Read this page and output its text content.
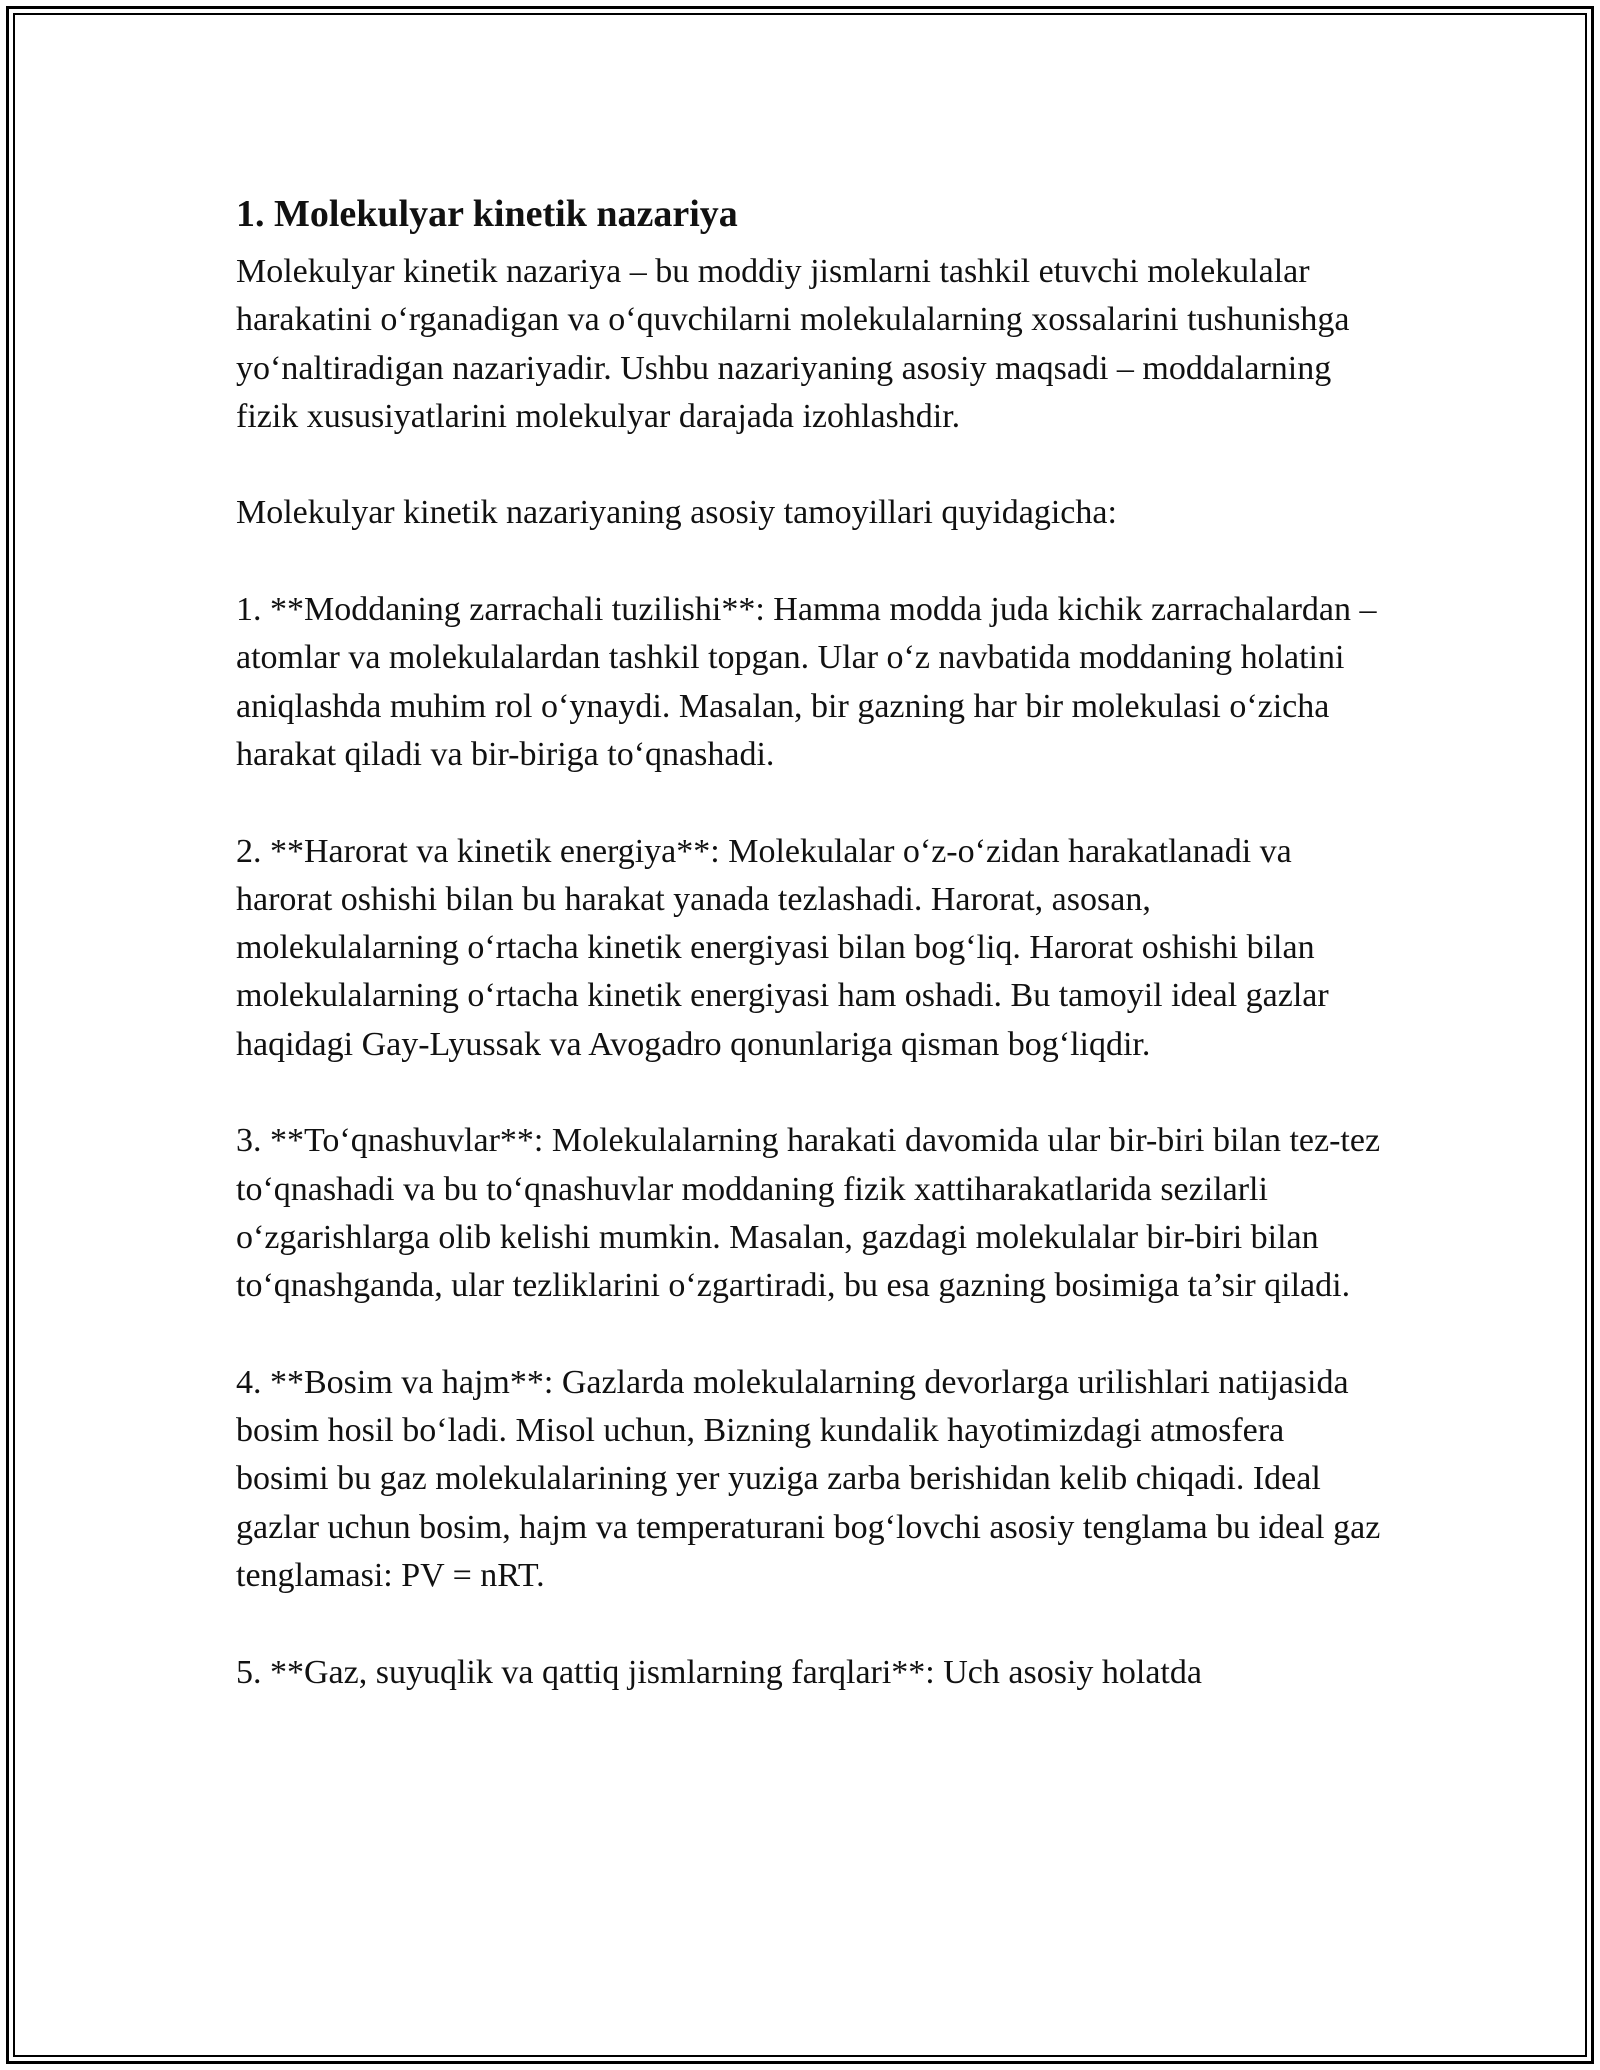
1. Molekulyar kinetik nazariya

Molekulyar kinetik nazariya – bu moddiy jismlarni tashkil etuvchi molekulalar harakatini oʻrganadigan va oʻquvchilarni molekulalarning xossalarini tushunishga yoʻnaltiradigan nazariyadir. Ushbu nazariyaning asosiy maqsadi – moddalarning fizik xususiyatlarini molekulyar darajada izohlashdir.

Molekulyar kinetik nazariyaning asosiy tamoyillari quyidagicha:

1. **Moddaning zarrachali tuzilishi**: Hamma modda juda kichik zarrachalardan – atomlar va molekulalardan tashkil topgan. Ular oʻz navbatida moddaning holatini aniqlashda muhim rol oʻynaydi. Masalan, bir gazning har bir molekulasi oʻzicha harakat qiladi va bir-biriga toʻqnashadi.

2. **Harorat va kinetik energiya**: Molekulalar oʻz-oʻzidan harakatlanadi va harorat oshishi bilan bu harakat yanada tezlashadi. Harorat, asosan, molekulalarning oʻrtacha kinetik energiyasi bilan bogʻliq. Harorat oshishi bilan molekulalarning oʻrtacha kinetik energiyasi ham oshadi. Bu tamoyil ideal gazlar haqidagi Gay-Lyussak va Avogadro qonunlariga qisman bogʻliqdir.

3. **Toʻqnashuvlar**: Molekulalarning harakati davomida ular bir-biri bilan tez-tez toʻqnashadi va bu toʻqnashuvlar moddaning fizik xattiharakatlarida sezilarli oʻzgarishlarga olib kelishi mumkin. Masalan, gazdagi molekulalar bir-biri bilan toʻqnashganda, ular tezliklarini oʻzgartiradi, bu esa gazning bosimiga ta’sir qiladi.

4. **Bosim va hajm**: Gazlarda molekulalarning devorlarga urilishlari natijasida bosim hosil boʻladi. Misol uchun, Bizning kundalik hayotimizdagi atmosfera bosimi bu gaz molekulalarining yer yuziga zarba berishidan kelib chiqadi. Ideal gazlar uchun bosim, hajm va temperaturani bogʻlovchi asosiy tenglama bu ideal gaz tenglamasi: PV = nRT.

5. **Gaz, suyuqlik va qattiq jismlarning farqlari**: Uch asosiy holatda
